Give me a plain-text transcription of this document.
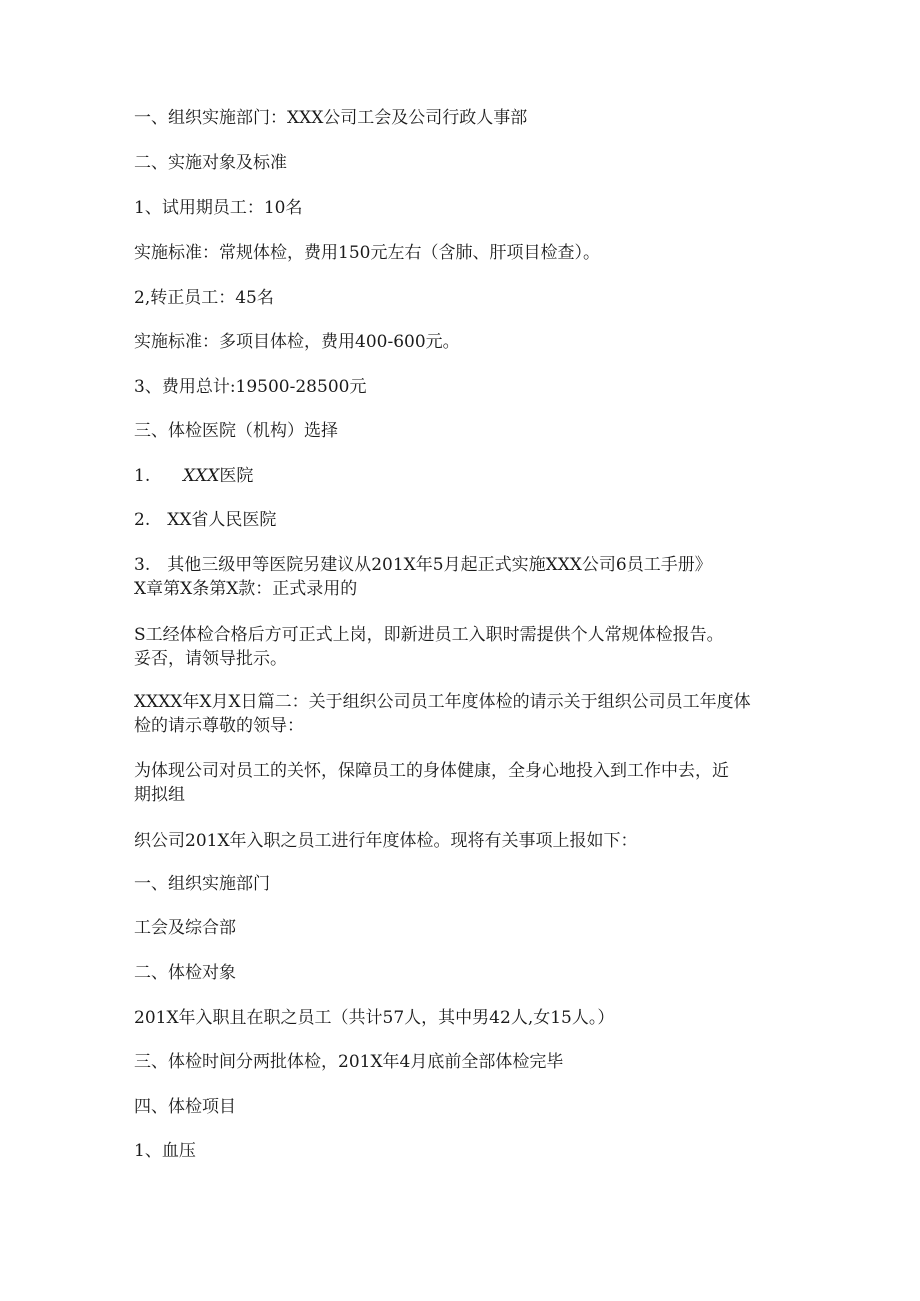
一、组织实施部门：XXX公司工会及公司行政人事部
二、实施对象及标准
1、试用期员工：10名
实施标准：常规体检，费用150元左右（含肺、肝项目检查）。
2,转正员工：45名
实施标准：多项目体检，费用400-600元。
3、费用总计:19500-28500元
三、体检医院（机构）选择
1. XXX医院
2.　XX省人民医院
3.　其他三级甲等医院另建议从201X年5月起正式实施XXX公司6员工手册》
X章第X条第X款：正式录用的
S工经体检合格后方可正式上岗，即新进员工入职时需提供个人常规体检报告。
妥否，请领导批示。
XXXX年X月X日篇二：关于组织公司员工年度体检的请示关于组织公司员工年度体
检的请示尊敬的领导：
为体现公司对员工的关怀，保障员工的身体健康，全身心地投入到工作中去，近
期拟组
织公司201X年入职之员工进行年度体检。现将有关事项上报如下：
一、组织实施部门
工会及综合部
二、体检对象
201X年入职且在职之员工（共计57人，其中男42人,女15人。）
三、体检时间分两批体检，201X年4月底前全部体检完毕
四、体检项目
1、血压
